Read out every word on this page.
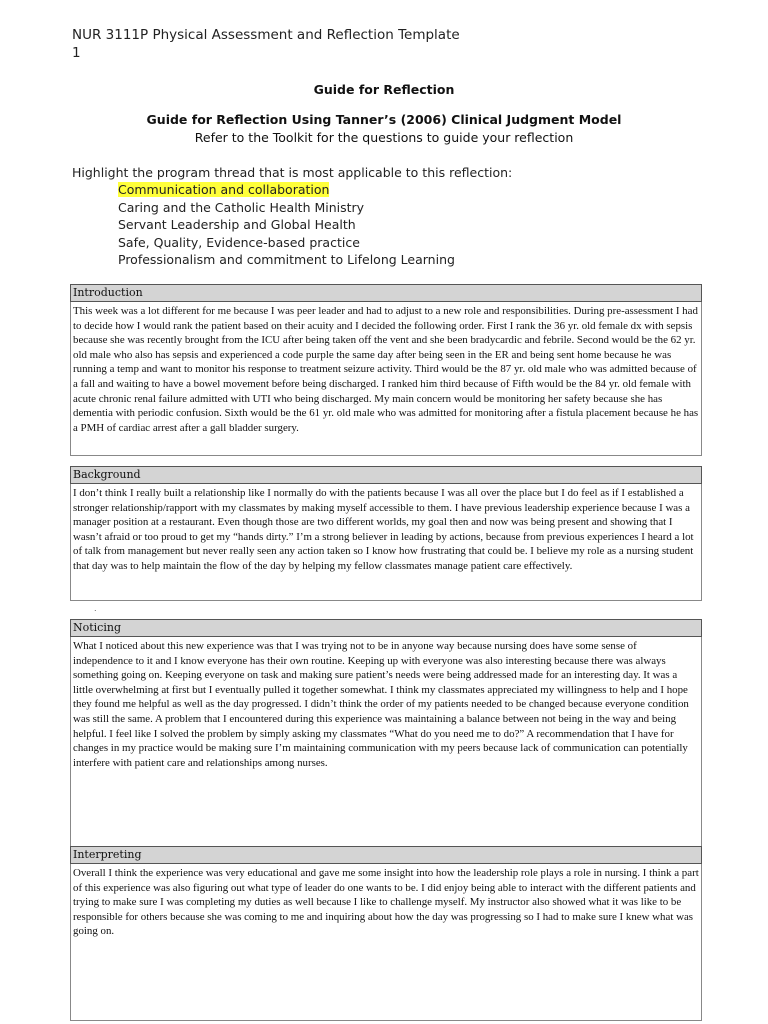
NUR 3111P Physical Assessment and Reflection Template
1
Guide for Reflection
Guide for Reflection Using Tanner’s (2006) Clinical Judgment Model
Refer to the Toolkit for the questions to guide your reflection
Highlight the program thread that is most applicable to this reflection:
Communication and collaboration
Caring and the Catholic Health Ministry
Servant Leadership and Global Health
Safe, Quality, Evidence-based practice
Professionalism and commitment to Lifelong Learning
Introduction
This week was a lot different for me because I was peer leader and had to adjust to a new role and responsibilities. During pre-assessment I had to decide how I would rank the patient based on their acuity and I decided the following order. First I rank the 36 yr. old female dx with sepsis because she was recently brought from the ICU after being taken off the vent and she been bradycardic and febrile. Second would be the 62 yr. old male who also has sepsis and experienced a code purple the same day after being seen in the ER and being sent home because he was running a temp and want to monitor his response to treatment seizure activity. Third would be the 87 yr. old male who was admitted because of a fall and waiting to have a bowel movement before being discharged. I ranked him third because of Fifth would be the 84 yr. old female with acute chronic renal failure admitted with UTI who being discharged. My main concern would be monitoring her safety because she has dementia with periodic confusion. Sixth would be the 61 yr. old male who was admitted for monitoring after a fistula placement because he has a PMH of cardiac arrest after a gall bladder surgery.
Background
I don’t think I really built a relationship like I normally do with the patients because I was all over the place but I do feel as if I established a stronger relationship/rapport with my classmates by making myself accessible to them. I have previous leadership experience because I was a manager position at a restaurant. Even though those are two different worlds, my goal then and now was being present and showing that I wasn’t afraid or too proud to get my “hands dirty.” I’m a strong believer in leading by actions, because from previous experiences I heard a lot of talk from management but never really seen any action taken so I know how frustrating that could be. I believe my role as a nursing student that day was to help maintain the flow of the day by helping my fellow classmates manage patient care effectively.
.
Noticing
What I noticed about this new experience was that I was trying not to be in anyone way because nursing does have some sense of independence to it and I know everyone has their own routine. Keeping up with everyone was also interesting because there was always something going on. Keeping everyone on task and making sure patient’s needs were being addressed made for an interesting day. It was a little overwhelming at first but I eventually pulled it together somewhat. I think my classmates appreciated my willingness to help and I hope they found me helpful as well as the day progressed. I didn’t think the order of my patients needed to be changed because everyone condition was still the same. A problem that I encountered during this experience was maintaining a balance between not being in the way and being helpful. I feel like I solved the problem by simply asking my classmates “What do you need me to do?” A recommendation that I have for changes in my practice would be making sure I’m maintaining communication with my peers because lack of communication can potentially interfere with patient care and relationships among nurses.
Interpreting
Overall I think the experience was very educational and gave me some insight into how the leadership role plays a role in nursing. I think a part of this experience was also figuring out what type of leader do one wants to be. I did enjoy being able to interact with the different patients and trying to make sure I was completing my duties as well because I like to challenge myself. My instructor also showed what it was like to be responsible for others because she was coming to me and inquiring about how the day was progressing so I had to make sure I knew what was going on.
